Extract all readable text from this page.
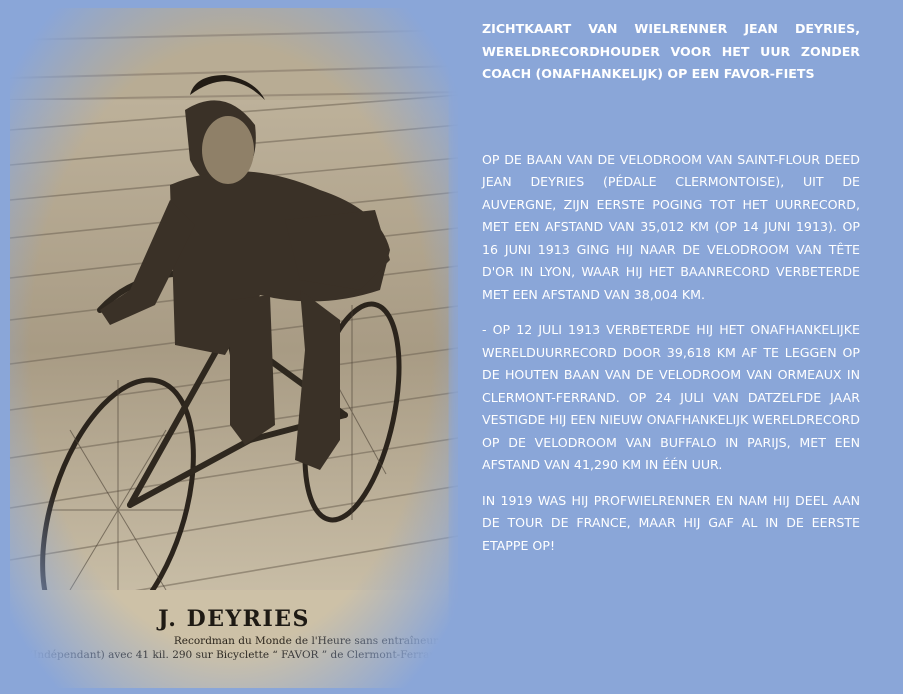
ZICHTKAART VAN WIELRENNER JEAN DEYRIES, WERELDRECORDHOUDER VOOR HET UUR ZONDER COACH (ONAFHANKELIJK) OP EEN FAVOR-FIETS

OP DE BAAN VAN DE VELODROOM VAN SAINT-FLOUR DEED JEAN DEYRIES (PÉDALE CLERMONTOISE), UIT DE AUVERGNE, ZIJN EERSTE POGING TOT HET UURRECORD, MET EEN AFSTAND VAN 35,012 KM (OP 14 JUNI 1913). OP 16 JUNI 1913 GING HIJ NAAR DE VELODROOM VAN TÊTE D'OR IN LYON, WAAR HIJ HET BAANRECORD VERBETERDE MET EEN AFSTAND VAN 38,004 KM.

- OP 12 JULI 1913 VERBETERDE HIJ HET ONAFHANKELIJKE WERELDUURRECORD DOOR 39,618 KM AF TE LEGGEN OP DE HOUTEN BAAN VAN DE VELODROOM VAN ORMEAUX IN CLERMONT-FERRAND. OP 24 JULI VAN DATZELFDE JAAR VESTIGDE HIJ EEN NIEUW ONAFHANKELIJK WERELDRECORD OP DE VELODROOM VAN BUFFALO IN PARIJS, MET EEN AFSTAND VAN 41,290 KM IN ÉÉN UUR.

IN 1919 WAS HIJ PROFWIELRENNER EN NAM HIJ DEEL AAN DE TOUR DE FRANCE, MAAR HIJ GAF AL IN DE EERSTE ETAPPE OP!
